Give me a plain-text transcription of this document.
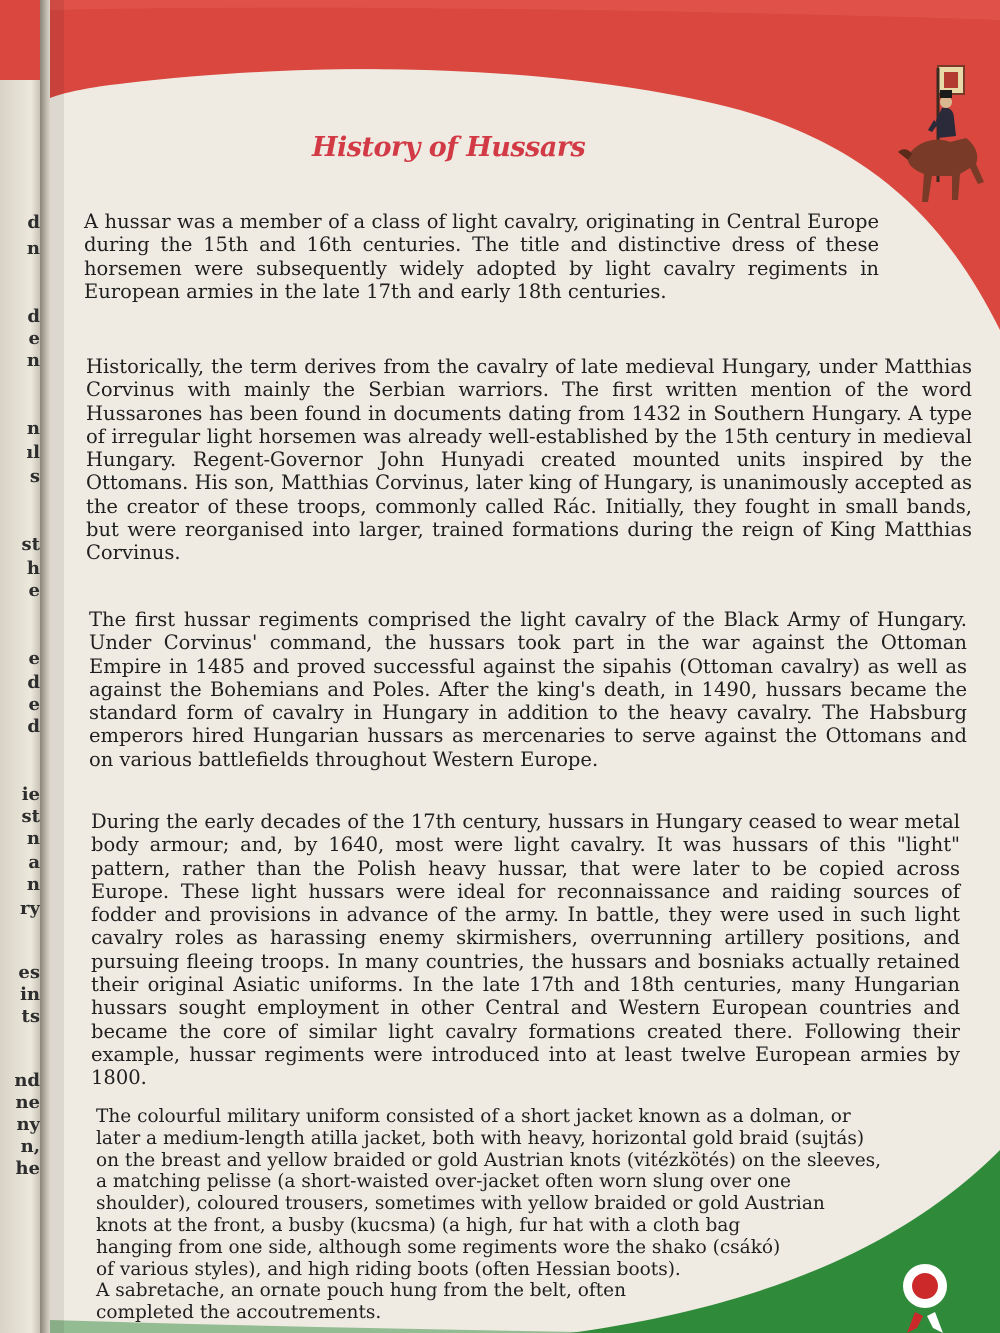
d
n
d
e
n
n
ıl
s
st
h
e
e
d
e
d
ie
st
n
a
n
ry
es
in
ts
nd
ne
ny
n,
he
History of Hussars

A hussar was a member of a class of light cavalry, originating in Central Europe during the 15th and 16th centuries. The title and distinctive dress of these horsemen were subsequently widely adopted by light cavalry regiments in European armies in the late 17th and early 18th centuries.

Historically, the term derives from the cavalry of late medieval Hungary, under Matthias Corvinus with mainly the Serbian warriors. The first written mention of the word Hussarones has been found in documents dating from 1432 in Southern Hungary. A type of irregular light horsemen was already well-established by the 15th century in medieval Hungary. Regent-Governor John Hunyadi created mounted units inspired by the Ottomans. His son, Matthias Corvinus, later king of Hungary, is unanimously accepted as the creator of these troops, commonly called Rác. Initially, they fought in small bands, but were reorganised into larger, trained formations during the reign of King Matthias Corvinus.

The first hussar regiments comprised the light cavalry of the Black Army of Hungary. Under Corvinus' command, the hussars took part in the war against the Ottoman Empire in 1485 and proved successful against the sipahis (Ottoman cavalry) as well as against the Bohemians and Poles. After the king's death, in 1490, hussars became the standard form of cavalry in Hungary in addition to the heavy cavalry. The Habsburg emperors hired Hungarian hussars as mercenaries to serve against the Ottomans and on various battlefields throughout Western Europe.

During the early decades of the 17th century, hussars in Hungary ceased to wear metal body armour; and, by 1640, most were light cavalry. It was hussars of this "light" pattern, rather than the Polish heavy hussar, that were later to be copied across Europe. These light hussars were ideal for reconnaissance and raiding sources of fodder and provisions in advance of the army. In battle, they were used in such light cavalry roles as harassing enemy skirmishers, overrunning artillery positions, and pursuing fleeing troops. In many countries, the hussars and bosniaks actually retained their original Asiatic uniforms. In the late 17th and 18th centuries, many Hungarian hussars sought employment in other Central and Western European countries and became the core of similar light cavalry formations created there. Following their example, hussar regiments were introduced into at least twelve European armies by 1800.

The colourful military uniform consisted of a short jacket known as a dolman, or
later a medium-length atilla jacket, both with heavy, horizontal gold braid (sujtás)
on the breast and yellow braided or gold Austrian knots (vitézkötés) on the sleeves,
a matching pelisse (a short-waisted over-jacket often worn slung over one
shoulder), coloured trousers, sometimes with yellow braided or gold Austrian
knots at the front, a busby (kucsma) (a high, fur hat with a cloth bag
hanging from one side, although some regiments wore the shako (csákó)
of various styles), and high riding boots (often Hessian boots).
A sabretache, an ornate pouch hung from the belt, often
completed the accoutrements.
